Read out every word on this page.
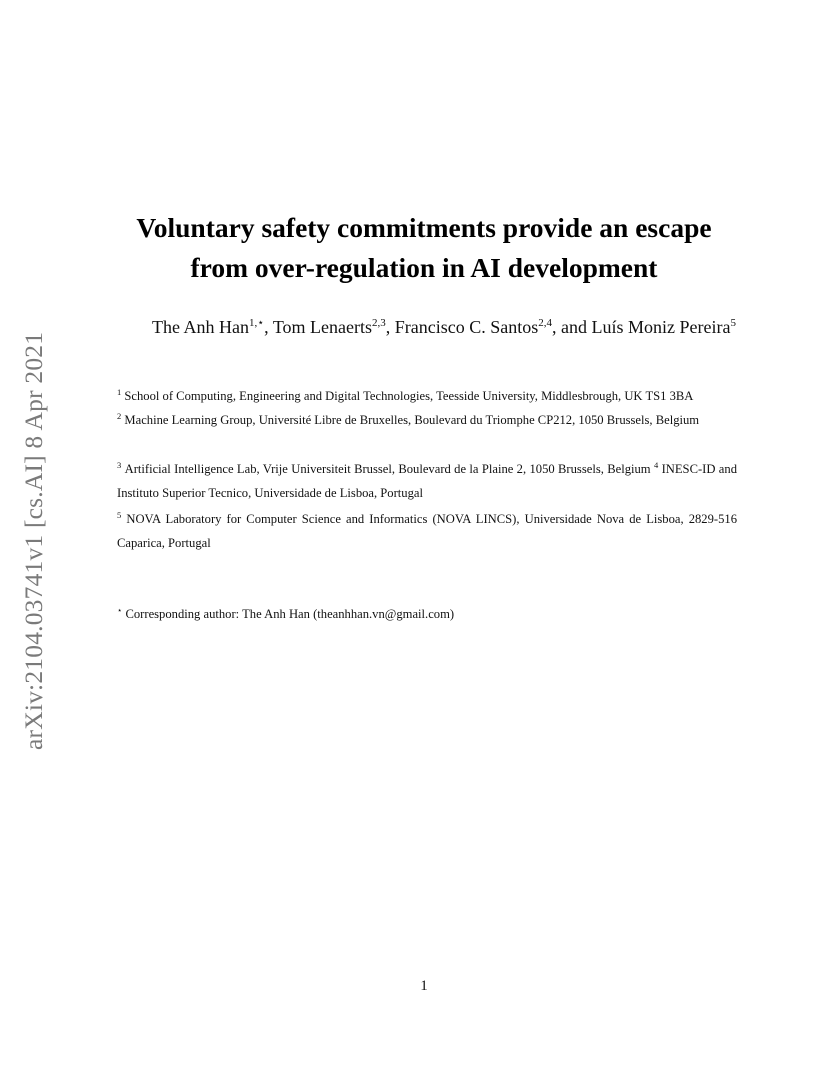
arXiv:2104.03741v1 [cs.AI] 8 Apr 2021
Voluntary safety commitments provide an escape
from over-regulation in AI development
The Anh Han$^{1,⋆}$, Tom Lenaerts$^{2,3}$, Francisco C. Santos$^{2,4}$, and Luís Moniz Pereira$^5$
$^1$ School of Computing, Engineering and Digital Technologies, Teesside University, Middlesbrough, UK TS1 3BA
$^2$ Machine Learning Group, Université Libre de Bruxelles, Boulevard du Triomphe CP212, 1050 Brussels, Belgium
$^3$ Artificial Intelligence Lab, Vrije Universiteit Brussel, Boulevard de la Plaine 2, 1050 Brussels, Belgium $^4$ INESC-ID and Instituto Superior Tecnico, Universidade de Lisboa, Portugal
$^5$ NOVA Laboratory for Computer Science and Informatics (NOVA LINCS), Universidade Nova de Lisboa, 2829-516 Caparica, Portugal
⋆ Corresponding author: The Anh Han (theanhhan.vn@gmail.com)
1
